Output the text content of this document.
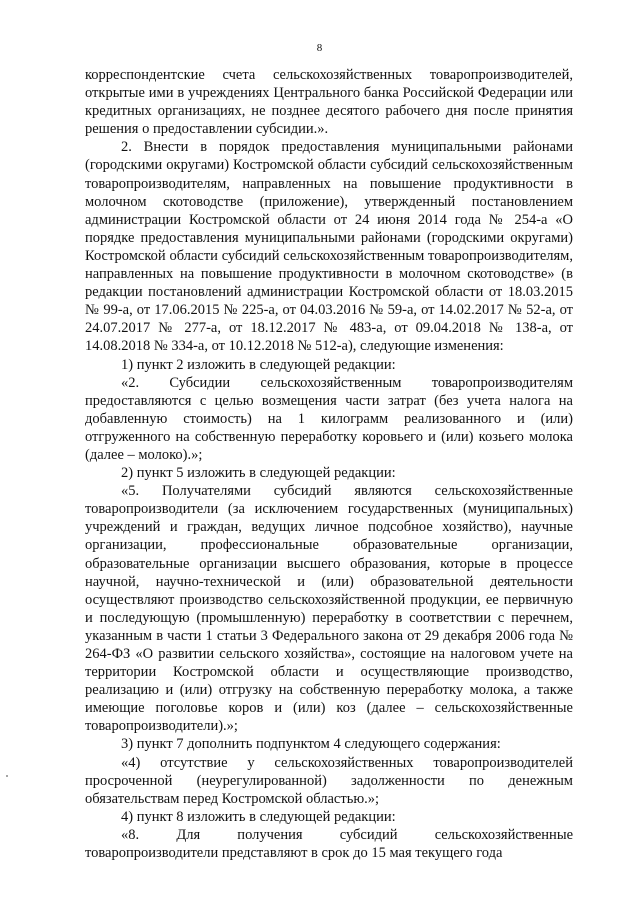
8

корреспондентские счета сельскохозяйственных товаропроизводителей, открытые ими в учреждениях Центрального банка Российской Федерации или кредитных организациях, не позднее десятого рабочего дня после принятия решения о предоставлении субсидии.».

2. Внести в порядок предоставления муниципальными районами (городскими округами) Костромской области субсидий сельскохозяйственным товаропроизводителям, направленных на повышение продуктивности в молочном скотоводстве (приложение), утвержденный постановлением администрации Костромской области от 24 июня 2014 года № 254-а «О порядке предоставления муниципальными районами (городскими округами) Костромской области субсидий сельскохозяйственным товаропроизводителям, направленных на повышение продуктивности в молочном скотоводстве» (в редакции постановлений администрации Костромской области от 18.03.2015 № 99-а, от 17.06.2015 № 225-а, от 04.03.2016 № 59-а, от 14.02.2017 № 52-а, от 24.07.2017 № 277-а, от 18.12.2017 № 483-а, от 09.04.2018 № 138-а, от 14.08.2018 № 334-а, от 10.12.2018 № 512-а), следующие изменения:

1) пункт 2 изложить в следующей редакции:

«2. Субсидии сельскохозяйственным товаропроизводителям предоставляются с целью возмещения части затрат (без учета налога на добавленную стоимость) на 1 килограмм реализованного и (или) отгруженного на собственную переработку коровьего и (или) козьего молока (далее – молоко).»;

2) пункт 5 изложить в следующей редакции:

«5. Получателями субсидий являются сельскохозяйственные товаропроизводители (за исключением государственных (муниципальных) учреждений и граждан, ведущих личное подсобное хозяйство), научные организации, профессиональные образовательные организации, образовательные организации высшего образования, которые в процессе научной, научно-технической и (или) образовательной деятельности осуществляют производство сельскохозяйственной продукции, ее первичную и последующую (промышленную) переработку в соответствии с перечнем, указанным в части 1 статьи 3 Федерального закона от 29 декабря 2006 года № 264-ФЗ «О развитии сельского хозяйства», состоящие на налоговом учете на территории Костромской области и осуществляющие производство, реализацию и (или) отгрузку на собственную переработку молока, а также имеющие поголовье коров и (или) коз (далее – сельскохозяйственные товаропроизводители).»;

3) пункт 7 дополнить подпунктом 4 следующего содержания:

«4) отсутствие у сельскохозяйственных товаропроизводителей просроченной (неурегулированной) задолженности по денежным обязательствам перед Костромской областью.»;

4) пункт 8 изложить в следующей редакции:

«8. Для получения субсидий сельскохозяйственные товаропроизводители представляют в срок до 15 мая текущего года
